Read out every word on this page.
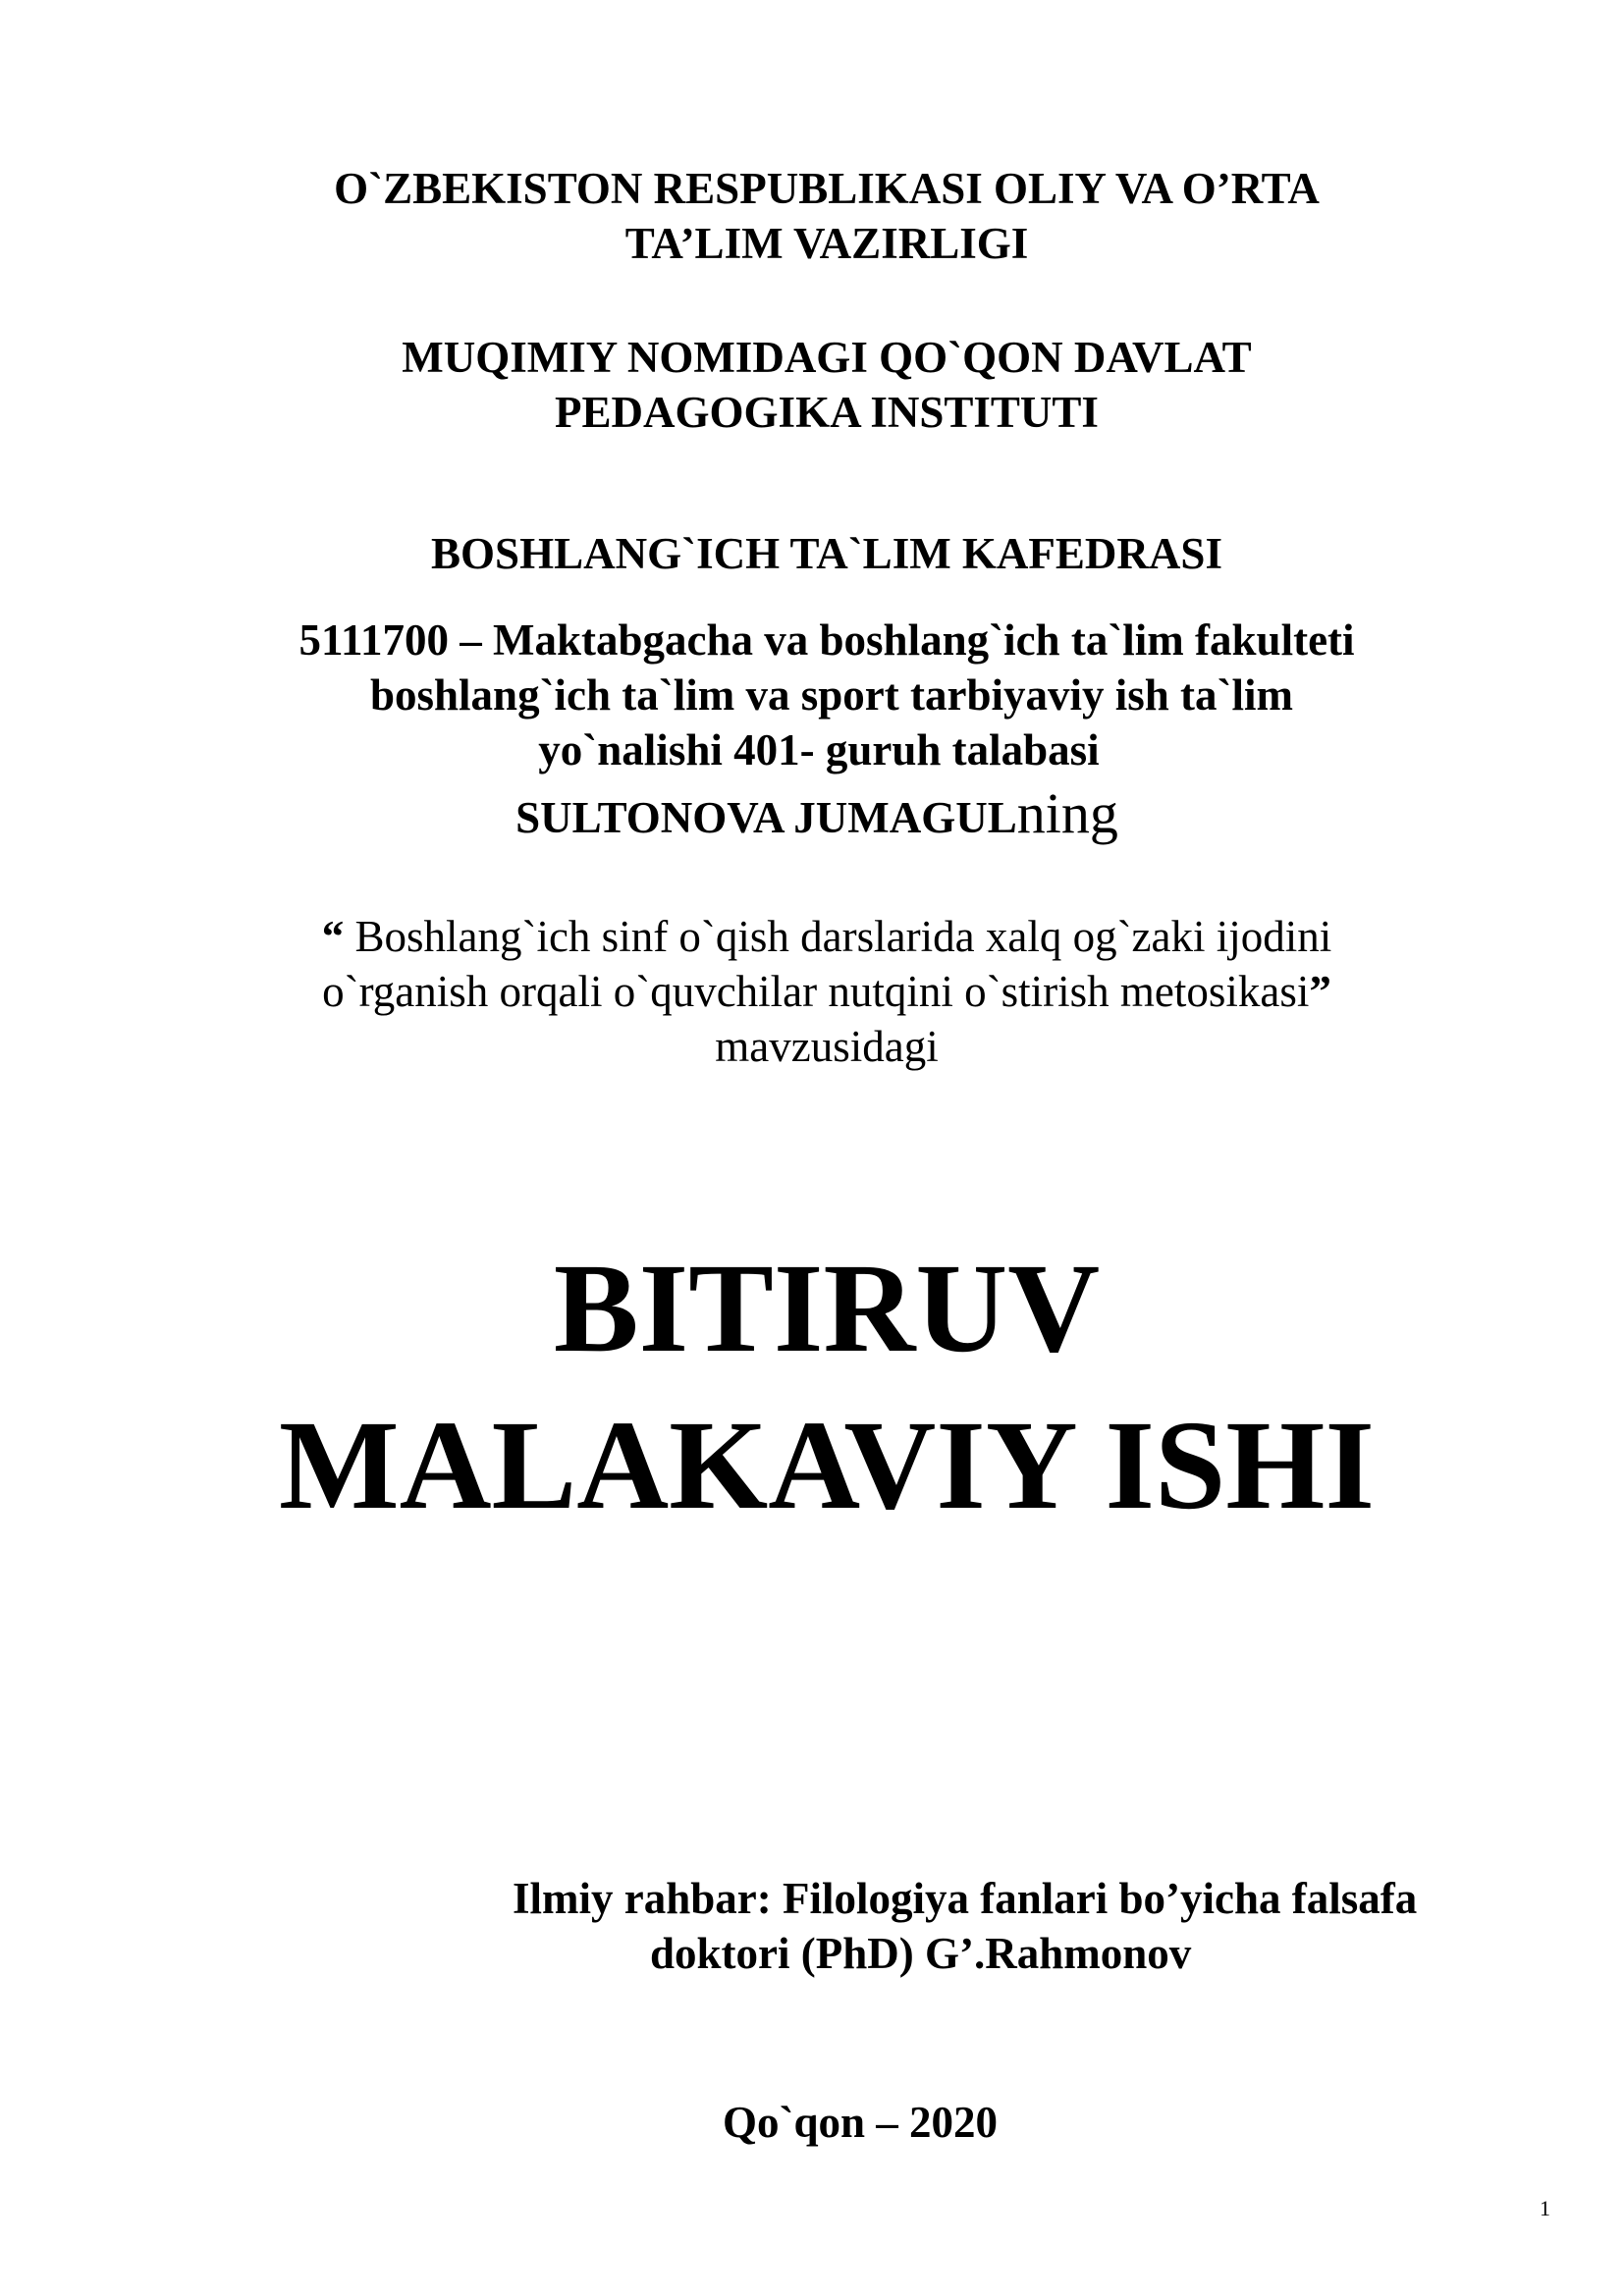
O`ZBEKISTON RESPUBLIKASI OLIY VA O’RTA
TA’LIM VAZIRLIGI
MUQIMIY NOMIDAGI QO`QON DAVLAT
PEDAGOGIKA INSTITUTI
BOSHLANG`ICH TA`LIM KAFEDRASI
5111700 – Maktabgacha va boshlang`ich ta`lim fakulteti
boshlang`ich ta`lim va sport tarbiyaviy ish ta`lim
yo`nalishi 401- guruh talabasi
SULTONOVA JUMAGULning
“ Boshlang`ich sinf o`qish darslarida xalq og`zaki ijodini
o`rganish orqali o`quvchilar nutqini o`stirish metosikasi”
mavzusidagi
BITIRUV
MALAKAVIY ISHI
Ilmiy rahbar: Filologiya fanlari bo’yicha falsafa
doktori (PhD) G’.Rahmonov
Qo`qon – 2020
1
